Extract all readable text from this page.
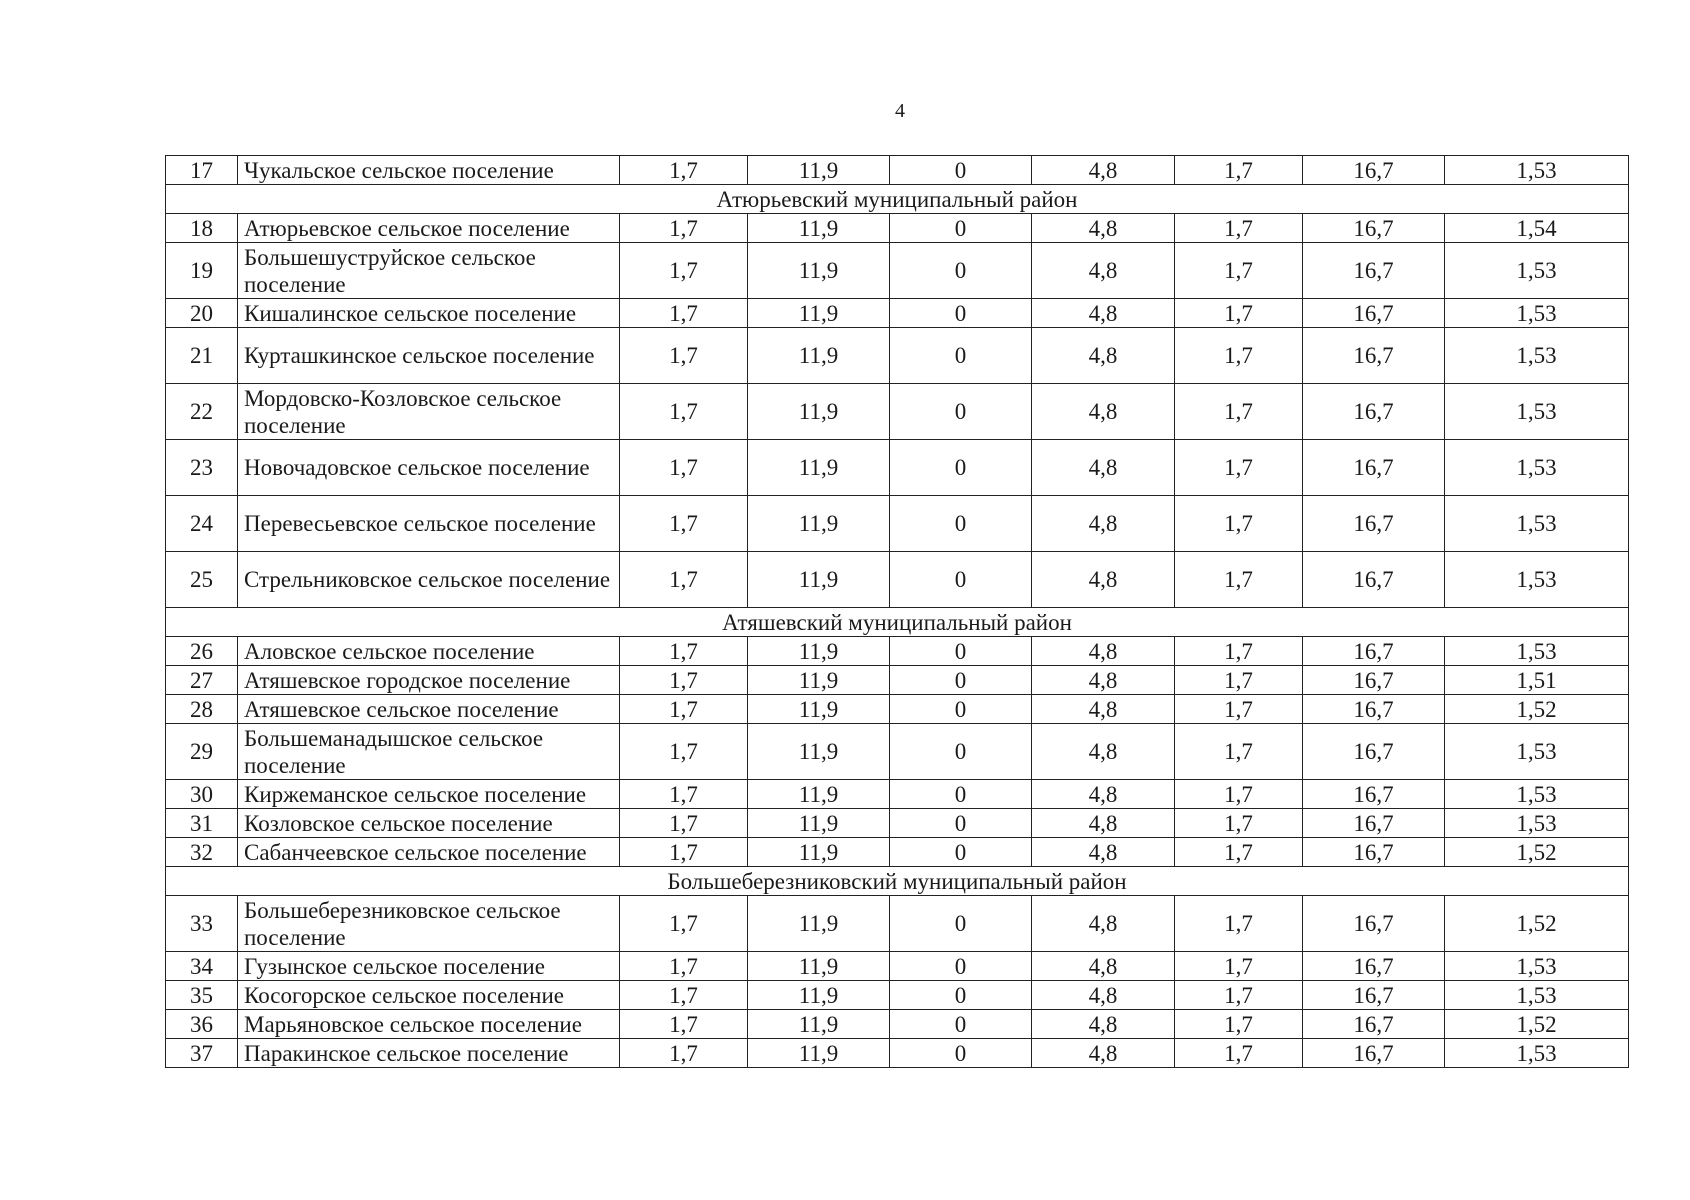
4
17	Чукальское сельское поселение	1,7	11,9	0	4,8	1,7	16,7	1,53
Атюрьевский муниципальный район								
18	Атюрьевское сельское поселение	1,7	11,9	0	4,8	1,7	16,7	1,54
19	Большешуструйское сельское поселение	1,7	11,9	0	4,8	1,7	16,7	1,53
20	Кишалинское сельское поселение	1,7	11,9	0	4,8	1,7	16,7	1,53
21	Курташкинское сельское поселение	1,7	11,9	0	4,8	1,7	16,7	1,53
22	Мордовско-Козловское сельское поселение	1,7	11,9	0	4,8	1,7	16,7	1,53
23	Новочадовское сельское поселение	1,7	11,9	0	4,8	1,7	16,7	1,53
24	Перевесьевское сельское поселение	1,7	11,9	0	4,8	1,7	16,7	1,53
25	Стрельниковское сельское поселение	1,7	11,9	0	4,8	1,7	16,7	1,53
Атяшевский муниципальный район								
26	Аловское сельское поселение	1,7	11,9	0	4,8	1,7	16,7	1,53
27	Атяшевское городское поселение	1,7	11,9	0	4,8	1,7	16,7	1,51
28	Атяшевское сельское поселение	1,7	11,9	0	4,8	1,7	16,7	1,52
29	Большеманадышское сельское поселение	1,7	11,9	0	4,8	1,7	16,7	1,53
30	Киржеманское сельское поселение	1,7	11,9	0	4,8	1,7	16,7	1,53
31	Козловское сельское поселение	1,7	11,9	0	4,8	1,7	16,7	1,53
32	Сабанчеевское сельское поселение	1,7	11,9	0	4,8	1,7	16,7	1,52
Большеберезниковский муниципальный район								
33	Большеберезниковское сельское поселение	1,7	11,9	0	4,8	1,7	16,7	1,52
34	Гузынское сельское поселение	1,7	11,9	0	4,8	1,7	16,7	1,53
35	Косогорское сельское поселение	1,7	11,9	0	4,8	1,7	16,7	1,53
36	Марьяновское сельское поселение	1,7	11,9	0	4,8	1,7	16,7	1,52
37	Паракинское сельское поселение	1,7	11,9	0	4,8	1,7	16,7	1,53
